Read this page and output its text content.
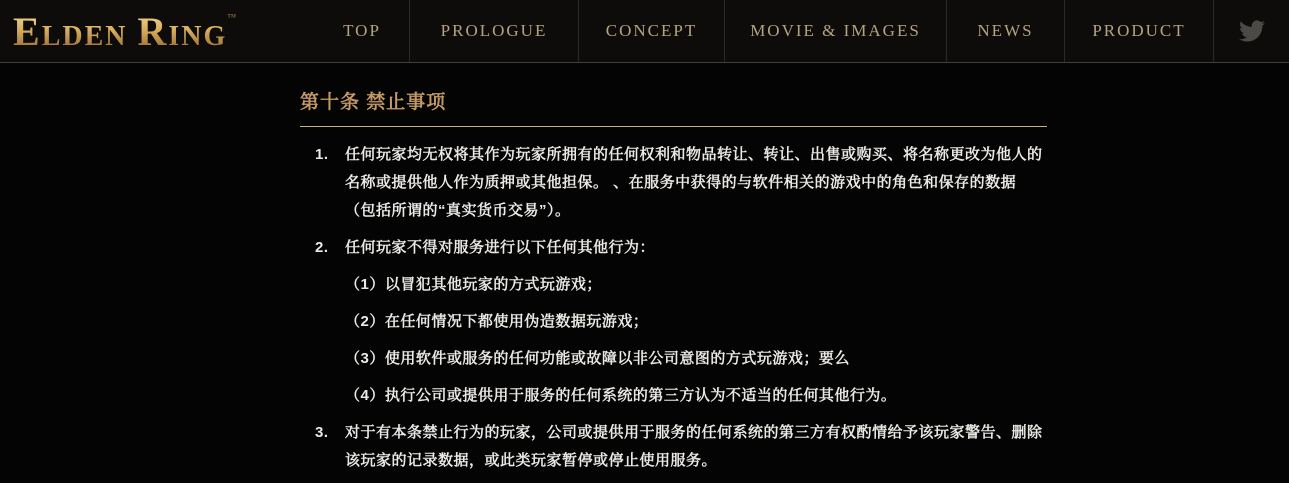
ELDEN RING
™
TOP	PROLOGUE	CONCEPT	MOVIE & IMAGES	NEWS	PRODUCT
第十条 禁止事项
1. 任何玩家均无权将其作为玩家所拥有的任何权利和物品转让、转让、出售或购买、将名称更改为他人的名称或提供他人作为质押或其他担保。 、在服务中获得的与软件相关的游戏中的角色和保存的数据（包括所谓的“真实货币交易”）。

2. 任何玩家不得对服务进行以下任何其他行为：

（1）以冒犯其他玩家的方式玩游戏；
（2）在任何情况下都使用伪造数据玩游戏；
（3）使用软件或服务的任何功能或故障以非公司意图的方式玩游戏；要么
（4）执行公司或提供用于服务的任何系统的第三方认为不适当的任何其他行为。
3. 对于有本条禁止行为的玩家，公司或提供用于服务的任何系统的第三方有权酌情给予该玩家警告、删除该玩家的记录数据，或此类玩家暂停或停止使用服务。
